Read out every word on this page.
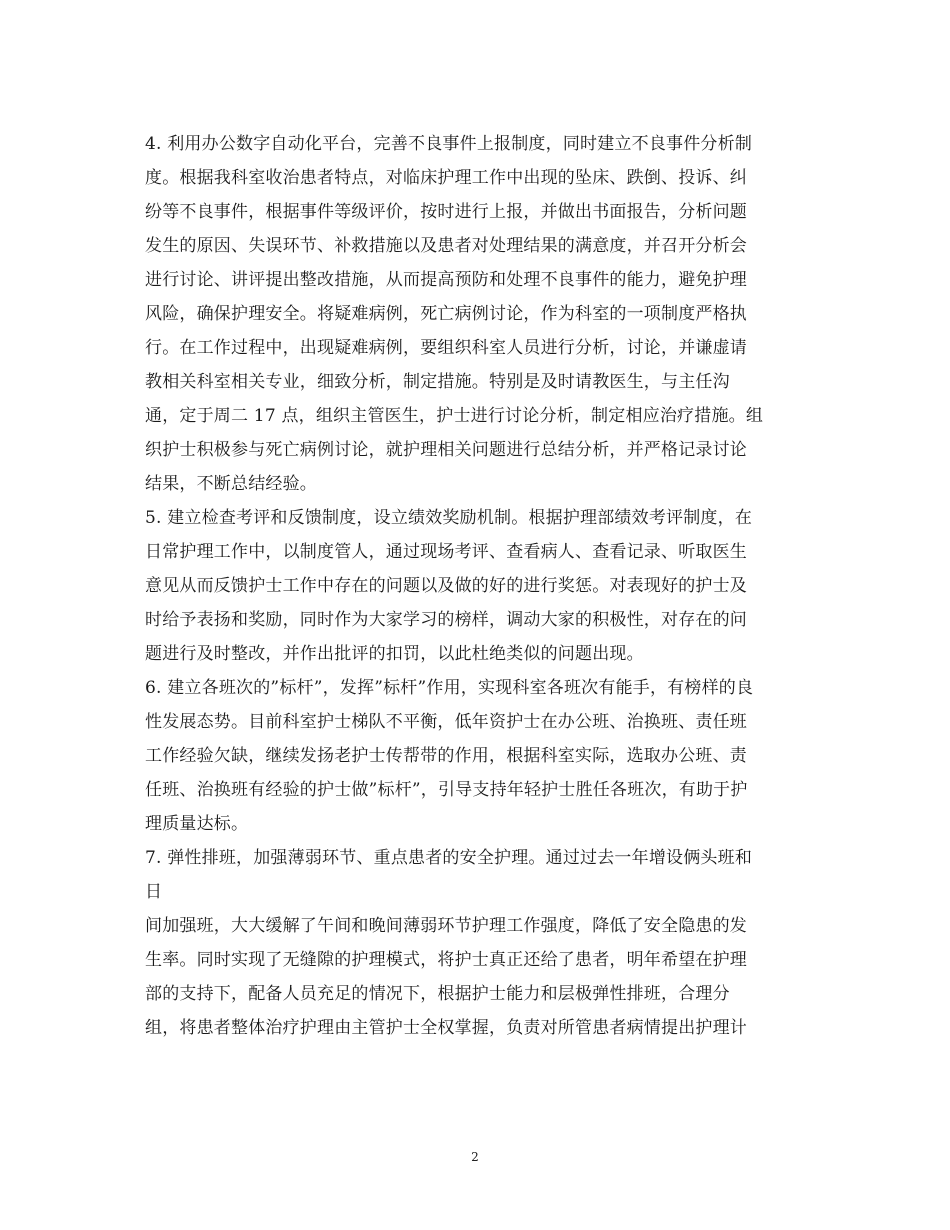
4. 利用办公数字自动化平台，完善不良事件上报制度，同时建立不良事件分析制
度。根据我科室收治患者特点，对临床护理工作中出现的坠床、跌倒、投诉、纠
纷等不良事件，根据事件等级评价，按时进行上报，并做出书面报告，分析问题
发生的原因、失误环节、补救措施以及患者对处理结果的满意度，并召开分析会
进行讨论、讲评提出整改措施，从而提高预防和处理不良事件的能力，避免护理
风险，确保护理安全。将疑难病例，死亡病例讨论，作为科室的一项制度严格执
行。在工作过程中，出现疑难病例，要组织科室人员进行分析，讨论，并谦虚请
教相关科室相关专业，细致分析，制定措施。特别是及时请教医生，与主任沟
通，定于周二 17 点，组织主管医生，护士进行讨论分析，制定相应治疗措施。组
织护士积极参与死亡病例讨论，就护理相关问题进行总结分析，并严格记录讨论
结果，不断总结经验。
5. 建立检查考评和反馈制度，设立绩效奖励机制。根据护理部绩效考评制度，在
日常护理工作中，以制度管人，通过现场考评、查看病人、查看记录、听取医生
意见从而反馈护士工作中存在的问题以及做的好的进行奖惩。对表现好的护士及
时给予表扬和奖励，同时作为大家学习的榜样，调动大家的积极性，对存在的问
题进行及时整改，并作出批评的扣罚，以此杜绝类似的问题出现。
6. 建立各班次的”标杆”，发挥”标杆”作用，实现科室各班次有能手，有榜样的良
性发展态势。目前科室护士梯队不平衡，低年资护士在办公班、治换班、责任班
工作经验欠缺，继续发扬老护士传帮带的作用，根据科室实际，选取办公班、责
任班、治换班有经验的护士做”标杆”，引导支持年轻护士胜任各班次，有助于护
理质量达标。
7. 弹性排班，加强薄弱环节、重点患者的安全护理。通过过去一年增设俩头班和
日
间加强班，大大缓解了午间和晚间薄弱环节护理工作强度，降低了安全隐患的发
生率。同时实现了无缝隙的护理模式，将护士真正还给了患者，明年希望在护理
部的支持下，配备人员充足的情况下，根据护士能力和层极弹性排班，合理分
组，将患者整体治疗护理由主管护士全权掌握，负责对所管患者病情提出护理计
2
